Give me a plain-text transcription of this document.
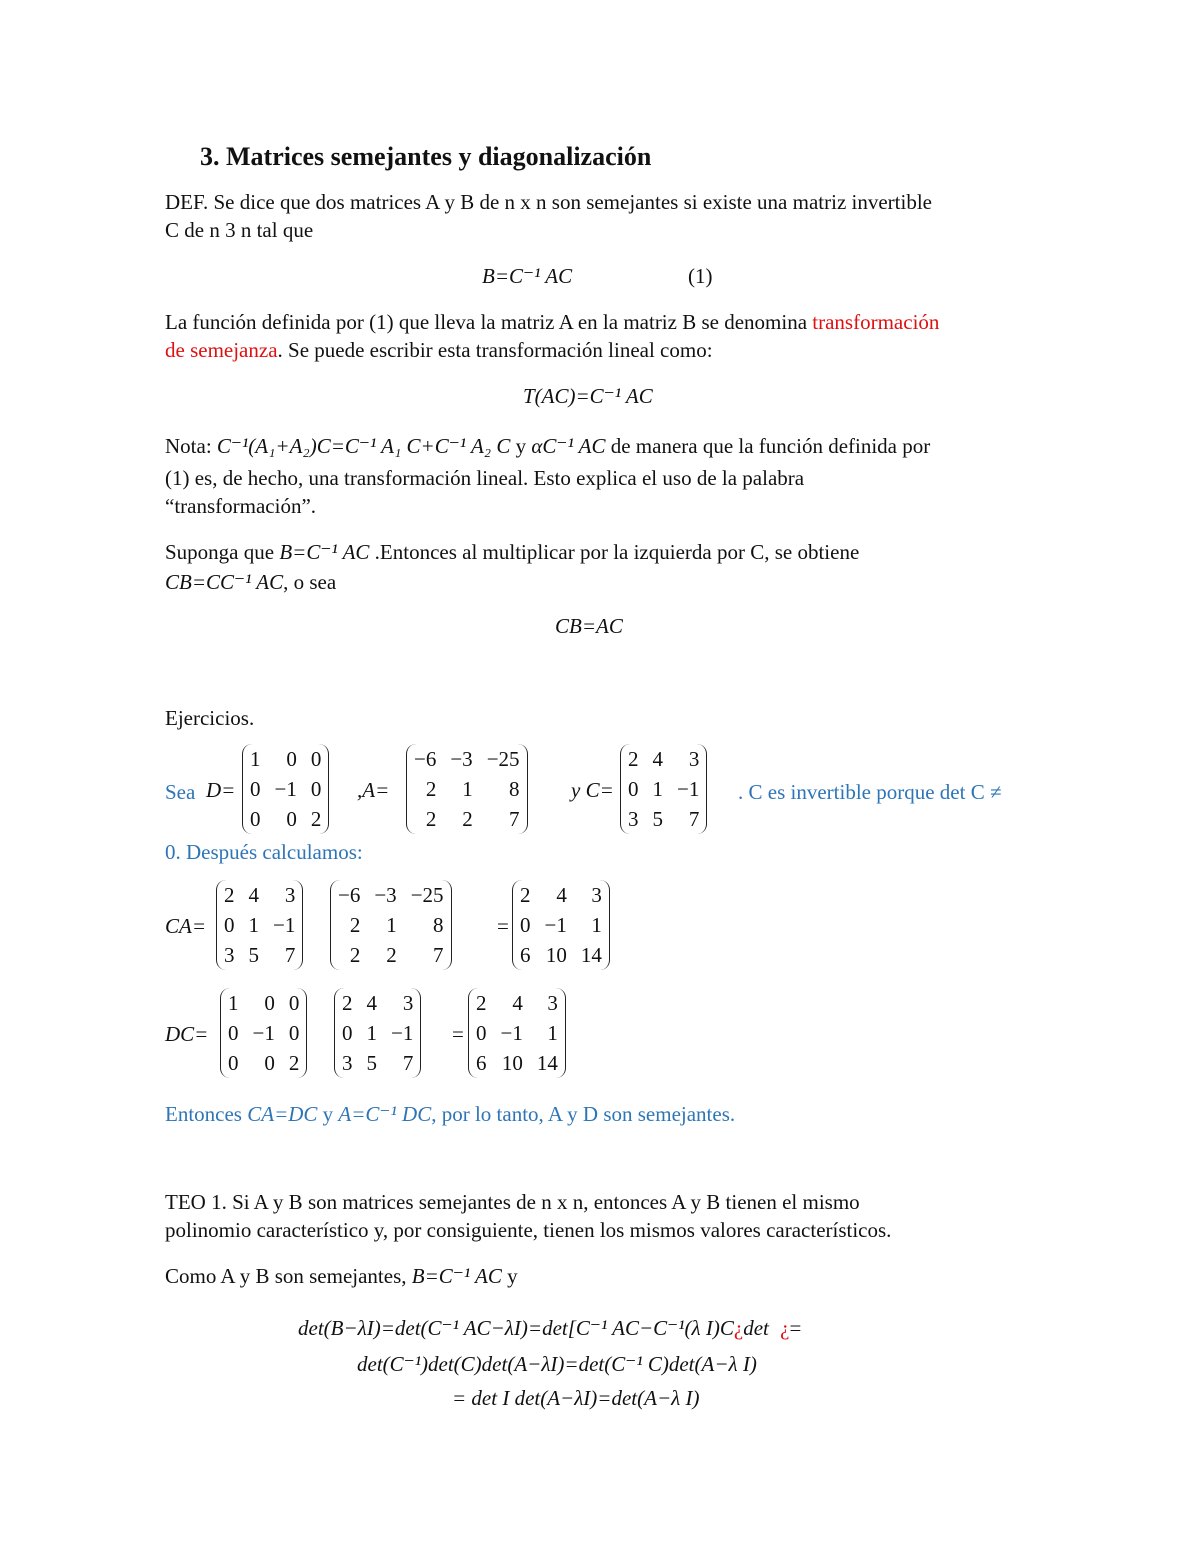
3. Matrices semejantes y diagonalización
DEF. Se dice que dos matrices A y B de n x n son semejantes si existe una matriz invertible
C de n 3 n tal que
B=C⁻¹ AC	(1)
La función definida por (1) que lleva la matriz A en la matriz B se denomina transformación
de semejanza. Se puede escribir esta transformación lineal como:
T(AC)=C⁻¹ AC
Nota: C⁻¹(A₁+A₂)C=C⁻¹ A₁ C+C⁻¹ A₂ C y αC⁻¹ AC de manera que la función definida por
(1) es, de hecho, una transformación lineal. Esto explica el uso de la palabra
“transformación”.
Suponga que B=C⁻¹ AC .Entonces al multiplicar por la izquierda por C, se obtiene
CB=CC⁻¹ AC, o sea
CB=AC
Ejercicios.
Sea D=
1	0	0
0	−1	0
0	0	2
,A=
−6	−3	−25
2	1	8
2	2	7
y C=
2	4	3
0	1	−1
3	5	7
. C es invertible porque det C ≠
0. Después calculamos:
CA=
2	4	3
0	1	−1
3	5	7
−6	−3	−25
2	1	8
2	2	7
=
2	4	3
0	−1	1
6	10	14
DC=
1	0	0
0	−1	0
0	0	2
2	4	3
0	1	−1
3	5	7
=
2	4	3
0	−1	1
6	10	14
Entonces CA=DC y A=C⁻¹ DC, por lo tanto, A y D son semejantes.
TEO 1. Si A y B son matrices semejantes de n x n, entonces A y B tienen el mismo
polinomio característico y, por consiguiente, tienen los mismos valores característicos.
Como A y B son semejantes, B=C⁻¹ AC y
det(B−λI)=det(C⁻¹ AC−λI)=det[C⁻¹ AC−C⁻¹(λ I)C¿det ¿=
det(C⁻¹)det(C)det(A−λI)=det(C⁻¹ C)det(A−λ I)
= det I det(A−λI)=det(A−λ I)
